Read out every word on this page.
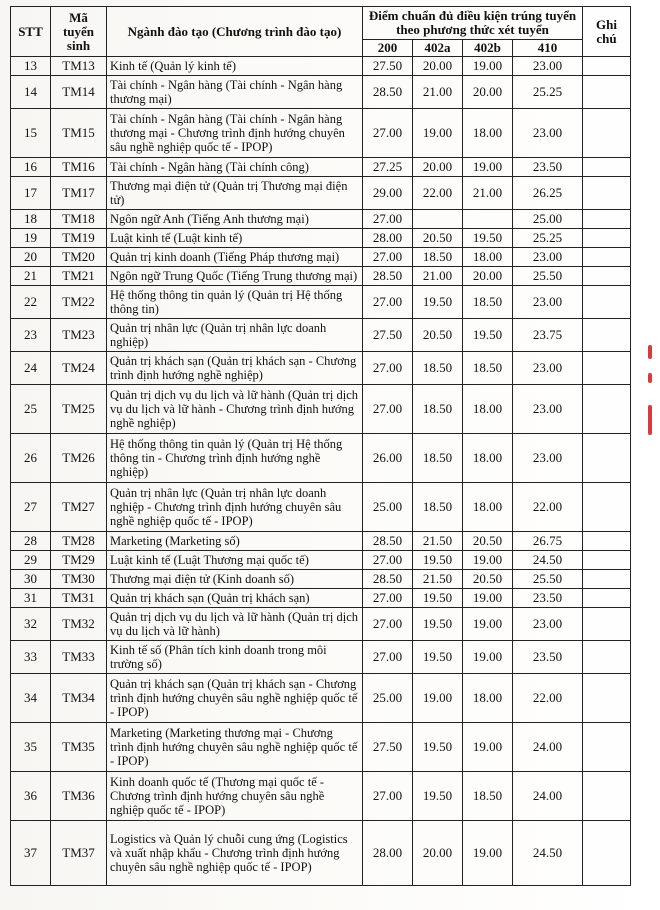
STT	Mã tuyển sinh	Ngành đào tạo (Chương trình đào tạo)	Điểm chuẩn đủ điều kiện trúng tuyển theo phương thức xét tuyển				Ghi chú
			200	402a	402b	410	
13	TM13	Kinh tế (Quản lý kinh tế)	27.50	20.00	19.00	23.00	
14	TM14	Tài chính - Ngân hàng (Tài chính - Ngân hàng thương mại)	28.50	21.00	20.00	25.25	
15	TM15	Tài chính - Ngân hàng (Tài chính - Ngân hàng thương mại - Chương trình định hướng chuyên sâu nghề nghiệp quốc tế - IPOP)	27.00	19.00	18.00	23.00	
16	TM16	Tài chính - Ngân hàng (Tài chính công)	27.25	20.00	19.00	23.50	
17	TM17	Thương mại điện tử (Quản trị Thương mại điện tử)	29.00	22.00	21.00	26.25	
18	TM18	Ngôn ngữ Anh (Tiếng Anh thương mại)	27.00			25.00	
19	TM19	Luật kinh tế (Luật kinh tế)	28.00	20.50	19.50	25.25	
20	TM20	Quản trị kinh doanh (Tiếng Pháp thương mại)	27.00	18.50	18.00	23.00	
21	TM21	Ngôn ngữ Trung Quốc (Tiếng Trung thương mại)	28.50	21.00	20.00	25.50	
22	TM22	Hệ thống thông tin quản lý (Quản trị Hệ thống thông tin)	27.00	19.50	18.50	23.00	
23	TM23	Quản trị nhân lực (Quản trị nhân lực doanh nghiệp)	27.50	20.50	19.50	23.75	
24	TM24	Quản trị khách sạn (Quản trị khách sạn - Chương trình định hướng nghề nghiệp)	27.00	18.50	18.50	23.00	
25	TM25	Quản trị dịch vụ du lịch và lữ hành (Quản trị dịch vụ du lịch và lữ hành - Chương trình định hướng nghề nghiệp)	27.00	18.50	18.00	23.00	
26	TM26	Hệ thống thông tin quản lý (Quản trị Hệ thống thông tin - Chương trình định hướng nghề nghiệp)	26.00	18.50	18.00	23.00	
27	TM27	Quản trị nhân lực (Quản trị nhân lực doanh nghiệp - Chương trình định hướng chuyên sâu nghề nghiệp quốc tế - IPOP)	25.00	18.50	18.00	22.00	
28	TM28	Marketing (Marketing số)	28.50	21.50	20.50	26.75	
29	TM29	Luật kinh tế (Luật Thương mại quốc tế)	27.00	19.50	19.00	24.50	
30	TM30	Thương mại điện tử (Kinh doanh số)	28.50	21.50	20.50	25.50	
31	TM31	Quản trị khách sạn (Quản trị khách sạn)	27.00	19.50	19.00	23.50	
32	TM32	Quản trị dịch vụ du lịch và lữ hành (Quản trị dịch vụ du lịch và lữ hành)	27.00	19.50	19.00	23.00	
33	TM33	Kinh tế số (Phân tích kinh doanh trong môi trường số)	27.00	19.50	19.00	23.50	
34	TM34	Quản trị khách sạn (Quản trị khách sạn - Chương trình định hướng chuyên sâu nghề nghiệp quốc tế - IPOP)	25.00	19.00	18.00	22.00	
35	TM35	Marketing (Marketing thương mại - Chương trình định hướng chuyên sâu nghề nghiệp quốc tế - IPOP)	27.50	19.50	19.00	24.00	
36	TM36	Kinh doanh quốc tế (Thương mại quốc tế - Chương trình định hướng chuyên sâu nghề nghiệp quốc tế - IPOP)	27.00	19.50	18.50	24.00	
37	TM37	Logistics và Quản lý chuỗi cung ứng (Logistics và xuất nhập khẩu - Chương trình định hướng chuyên sâu nghề nghiệp quốc tế - IPOP)	28.00	20.00	19.00	24.50	
